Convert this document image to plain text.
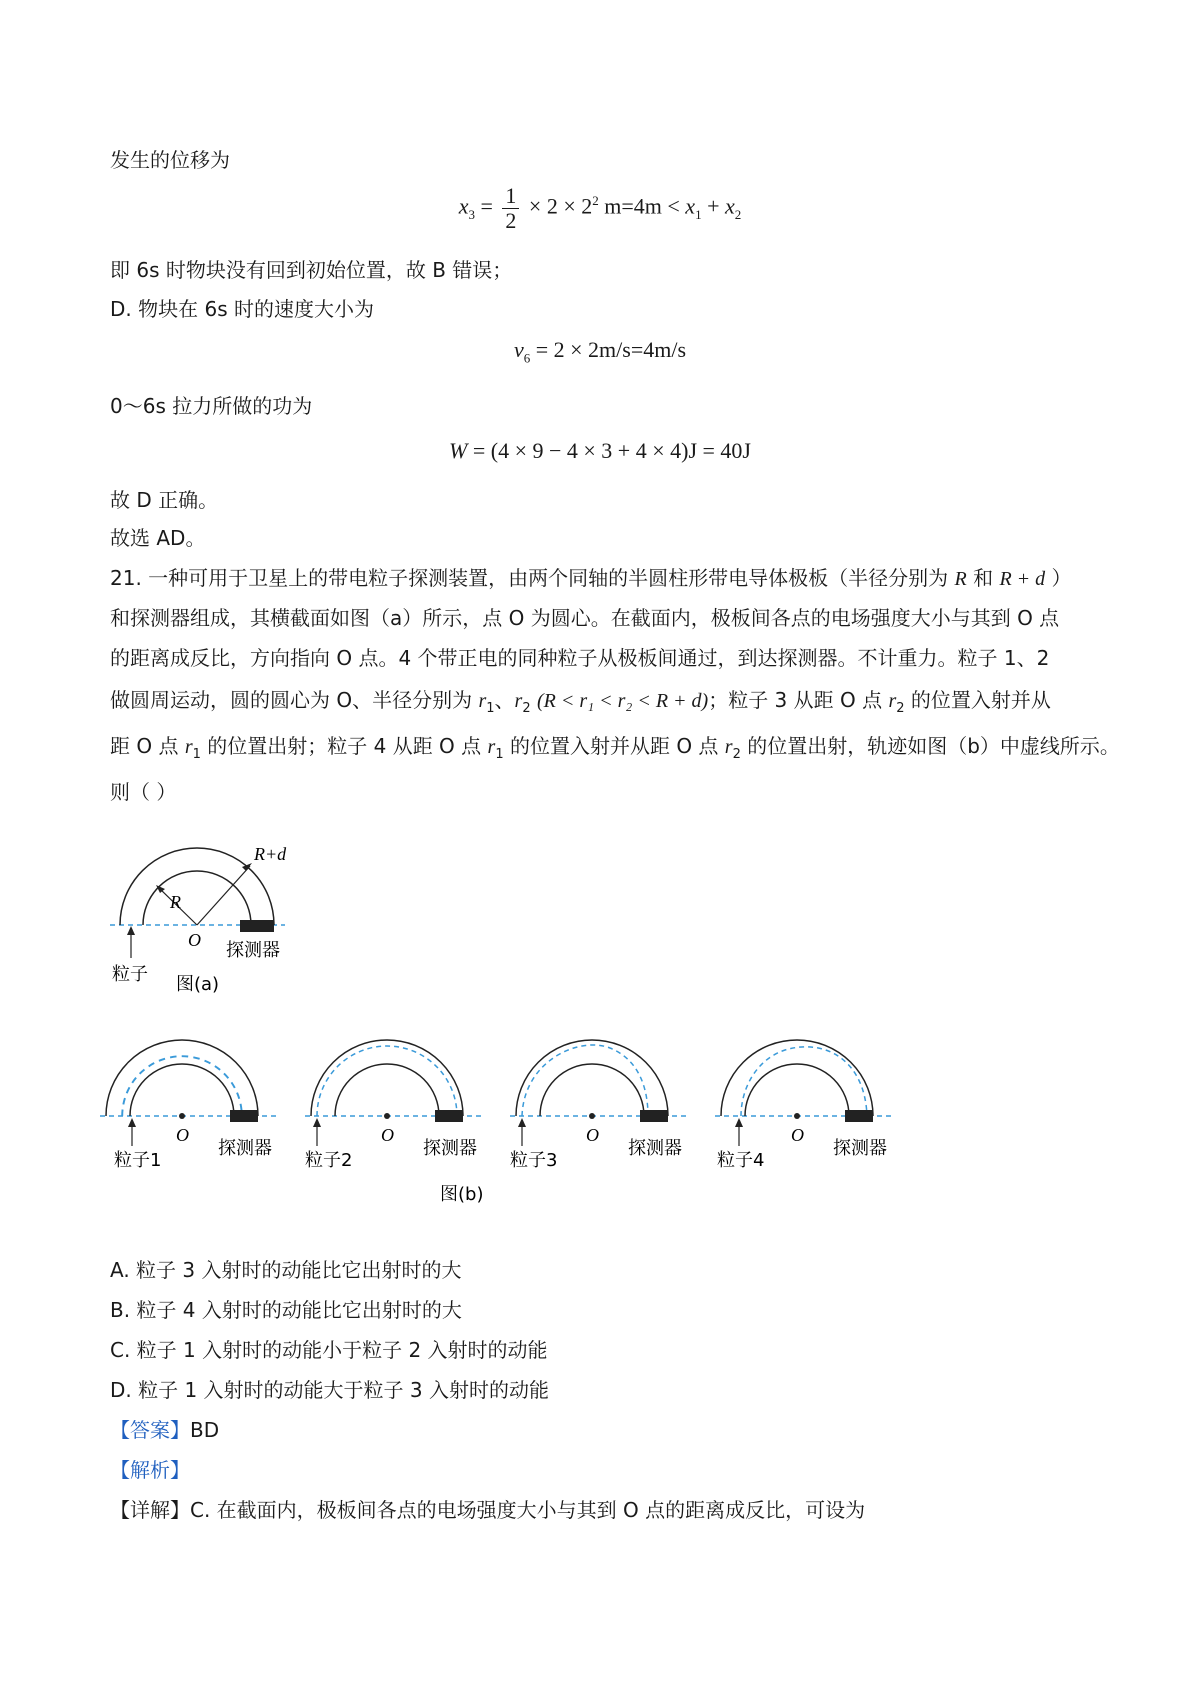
发生的位移为
$x_3 = \frac{1}{2} \times 2 \times 2^2$ $m=4m < x_1 + x_2$
即 6s 时物块没有回到初始位置，故 B 错误；
D. 物块在 6s 时的速度大小为
$v_6 = 2 \times 2m/s=4m/s$
0～6s 拉力所做的功为
W = (4 × 9 − 4 × 3 + 4 × 4)J = 40J
故 D 正确。
故选 AD。
21. 一种可用于卫星上的带电粒子探测装置，由两个同轴的半圆柱形带电导体极板（半径分别为 R 和 R + d ）
和探测器组成，其横截面如图（a）所示，点 O 为圆心。在截面内，极板间各点的电场强度大小与其到 O 点
的距离成反比，方向指向 O 点。4 个带正电的同种粒子从极板间通过，到达探测器。不计重力。粒子 1、2
做圆周运动，圆的圆心为 O、半径分别为 $r_1$、$r_2$ (R < r₁ < r₂ < R + d)；粒子 3 从距 O 点 $r_2$ 的位置入射并从
距 O 点 $r_1$ 的位置出射；粒子 4 从距 O 点 $r_1$ 的位置入射并从距 O 点 $r_2$ 的位置出射，轨迹如图（b）中虚线所示。
则（ ）
R
R+d
O
粒子
探测器
图(a)
O
粒子1
探测器
O
粒子2
探测器
O
粒子3
探测器
O
粒子4
探测器
图(b)
A. 粒子 3 入射时的动能比它出射时的大
B. 粒子 4 入射时的动能比它出射时的大
C. 粒子 1 入射时的动能小于粒子 2 入射时的动能
D. 粒子 1 入射时的动能大于粒子 3 入射时的动能
【答案】BD
【解析】
【详解】C. 在截面内，极板间各点的电场强度大小与其到 O 点的距离成反比，可设为
